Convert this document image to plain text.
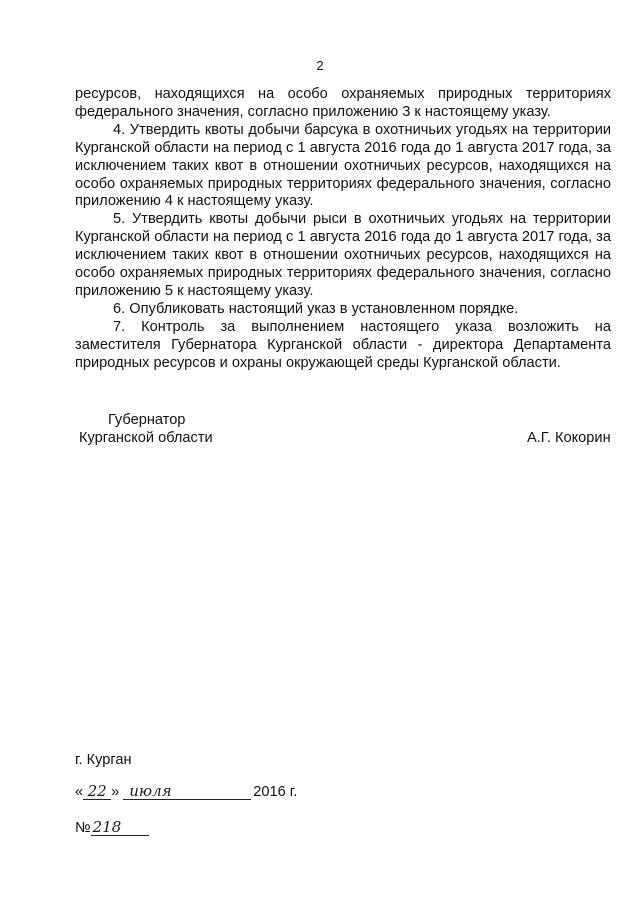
2

ресурсов, находящихся на особо охраняемых природных территориях федерального значения, согласно приложению 3 к настоящему указу.

4. Утвердить квоты добычи барсука в охотничьих угодьях на территории Курганской области на период с 1 августа 2016 года до 1 августа 2017 года, за исключением таких квот в отношении охотничьих ресурсов, находящихся на особо охраняемых природных территориях федерального значения, согласно приложению 4 к настоящему указу.

5. Утвердить квоты добычи рыси в охотничьих угодьях на территории Курганской области на период с 1 августа 2016 года до 1 августа 2017 года, за исключением таких квот в отношении охотничьих ресурсов, находящихся на особо охраняемых природных территориях федерального значения, согласно приложению 5 к настоящему указу.

6. Опубликовать настоящий указ в установленном порядке.

7. Контроль за выполнением настоящего указа возложить на заместителя Губернатора Курганской области - директора Департамента природных ресурсов и охраны окружающей среды Курганской области.

Губернатор
Курганской области	А.Г. Кокорин
г. Курган
« 22 » июля	2016 г.
№ 218
